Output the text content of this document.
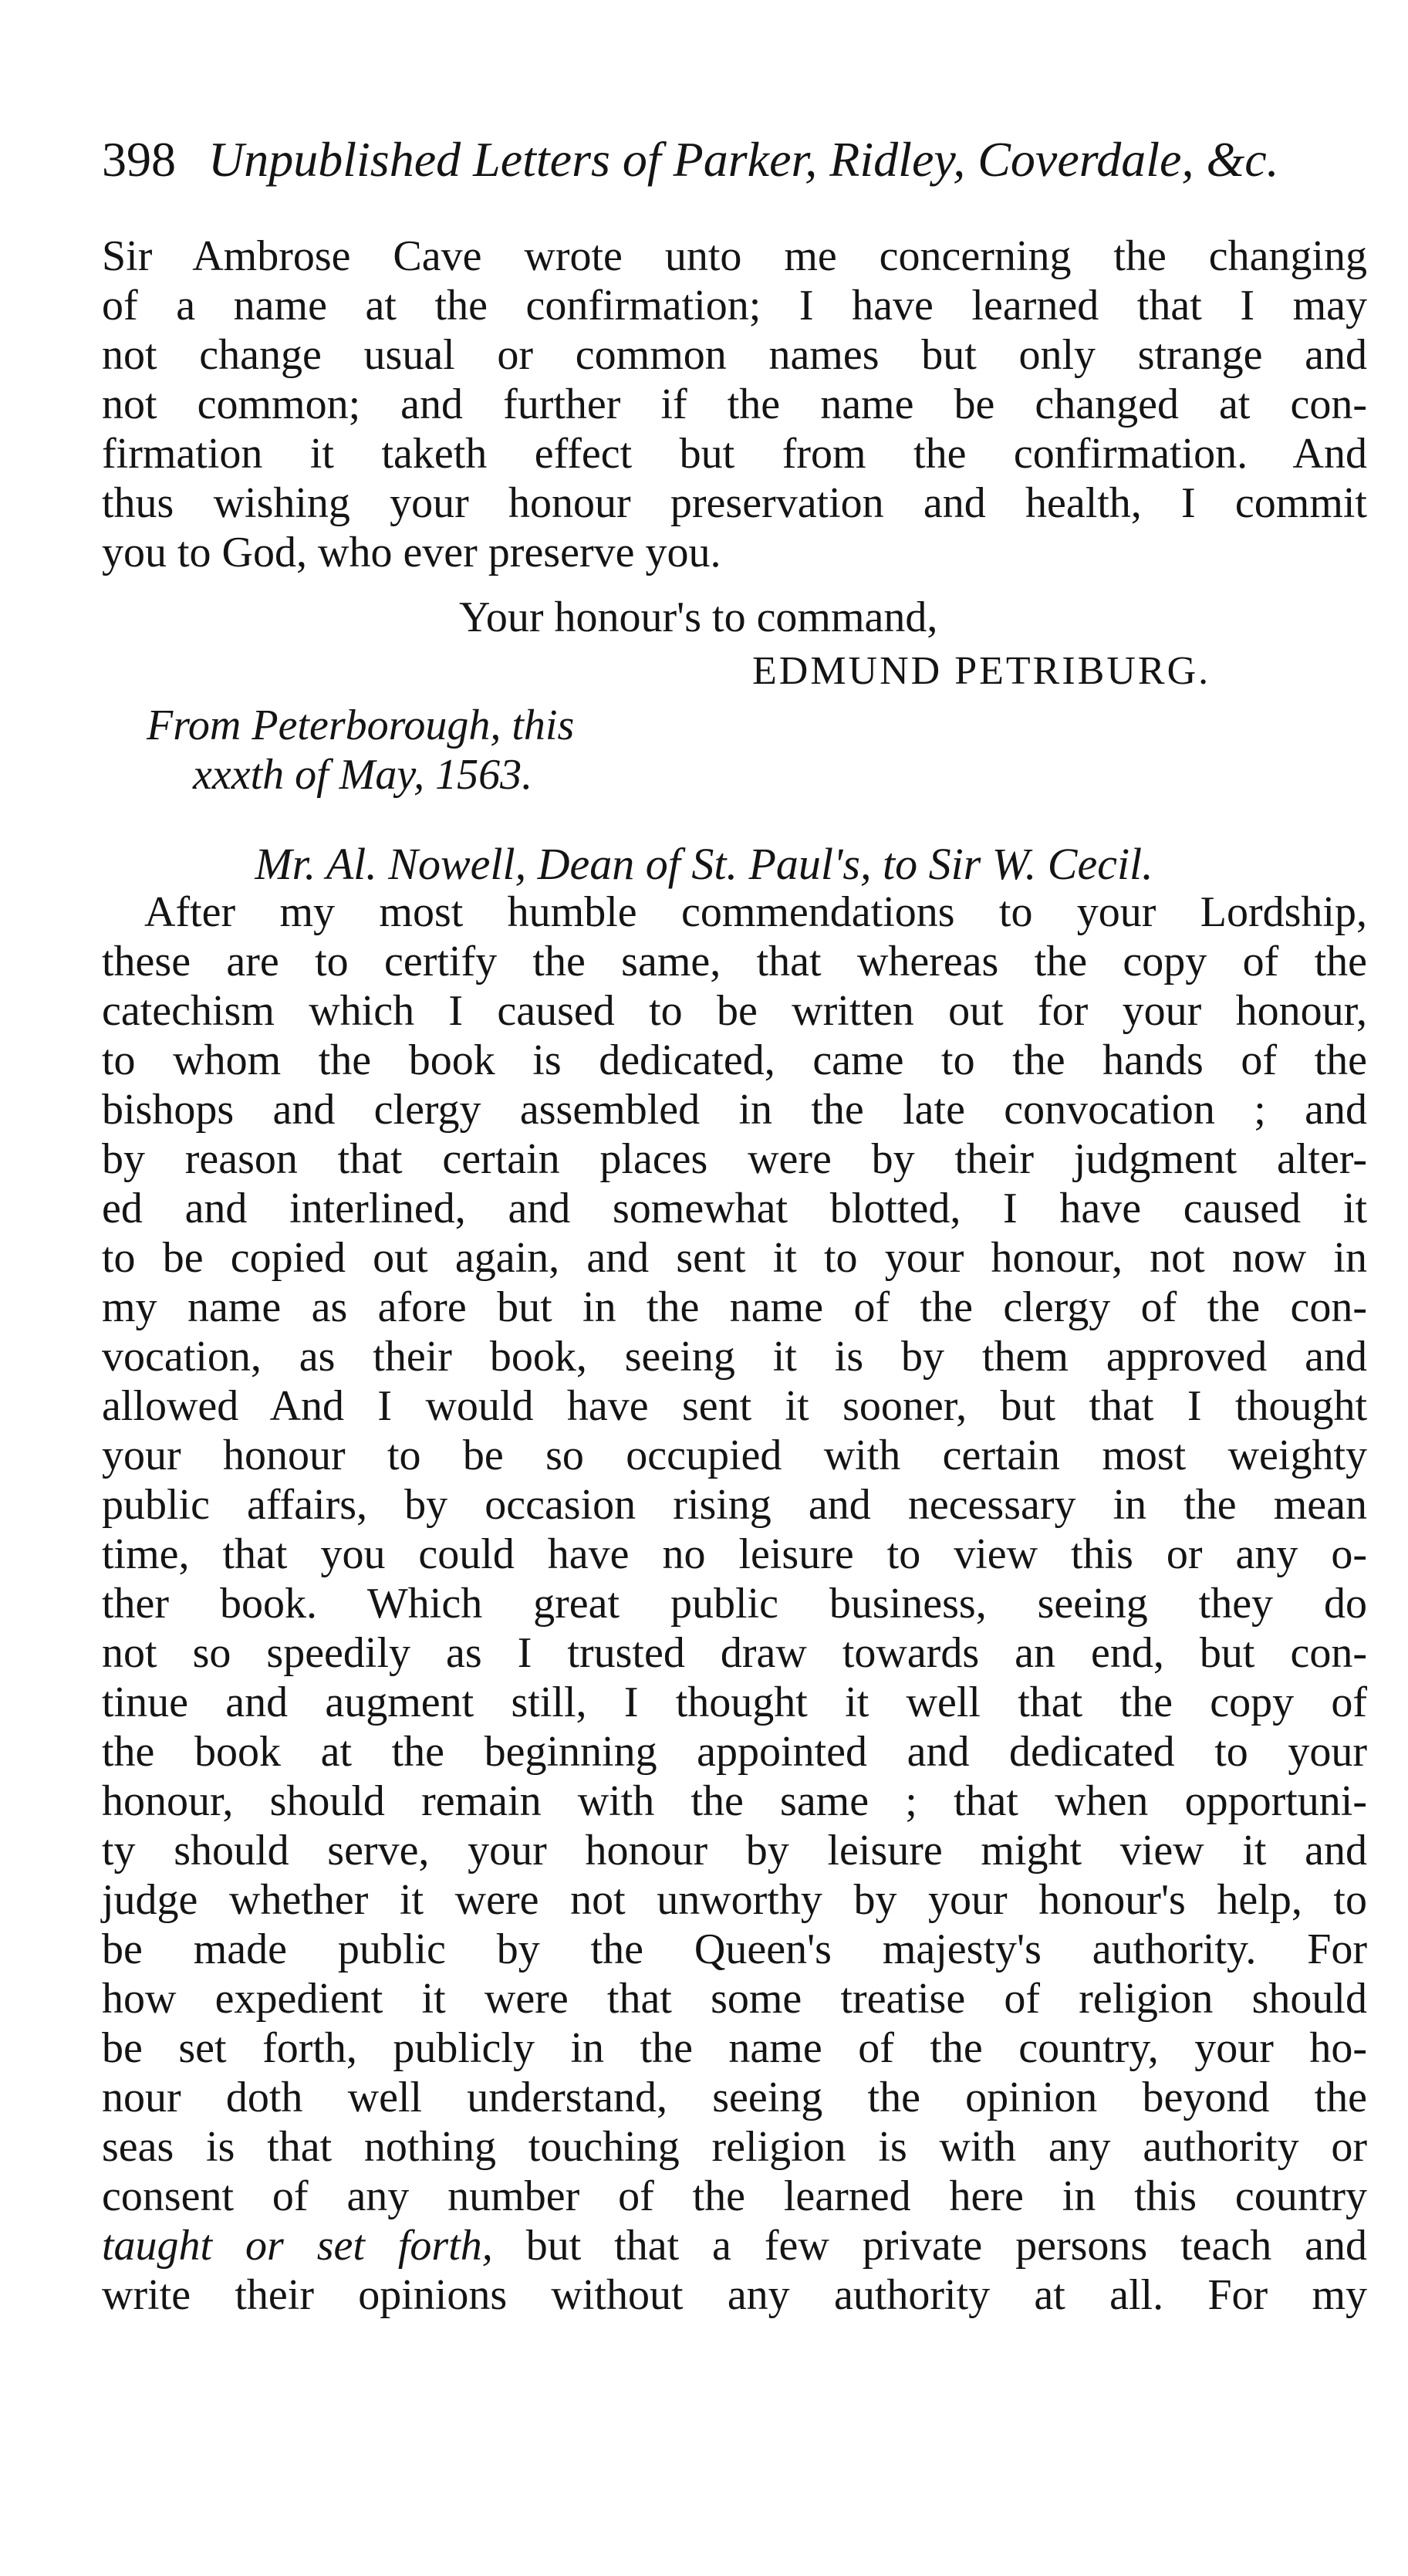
398 Unpublished Letters of Parker, Ridley, Coverdale, &c.
Sir Ambrose Cave wrote unto me concerning the changing
of a name at the confirmation; I have learned that I may
not change usual or common names but only strange and
not common; and further if the name be changed at con-
firmation it taketh effect but from the confirmation. And
thus wishing your honour preservation and health, I commit
you to God, who ever preserve you.
Your honour's to command,
EDMUND PETRIBURG.
From Peterborough, this
xxxth of May, 1563.
Mr. Al. Nowell, Dean of St. Paul's, to Sir W. Cecil.
After my most humble commendations to your Lordship,
these are to certify the same, that whereas the copy of the
catechism which I caused to be written out for your honour,
to whom the book is dedicated, came to the hands of the
bishops and clergy assembled in the late convocation ; and
by reason that certain places were by their judgment alter-
ed and interlined, and somewhat blotted, I have caused it
to be copied out again, and sent it to your honour, not now in
my name as afore but in the name of the clergy of the con-
vocation, as their book, seeing it is by them approved and
allowed And I would have sent it sooner, but that I thought
your honour to be so occupied with certain most weighty
public affairs, by occasion rising and necessary in the mean
time, that you could have no leisure to view this or any o-
ther book. Which great public business, seeing they do
not so speedily as I trusted draw towards an end, but con-
tinue and augment still, I thought it well that the copy of
the book at the beginning appointed and dedicated to your
honour, should remain with the same ; that when opportuni-
ty should serve, your honour by leisure might view it and
judge whether it were not unworthy by your honour's help, to
be made public by the Queen's majesty's authority. For
how expedient it were that some treatise of religion should
be set forth, publicly in the name of the country, your ho-
nour doth well understand, seeing the opinion beyond the
seas is that nothing touching religion is with any authority or
consent of any number of the learned here in this country
taught or set forth, but that a few private persons teach and
write their opinions without any authority at all. For my
